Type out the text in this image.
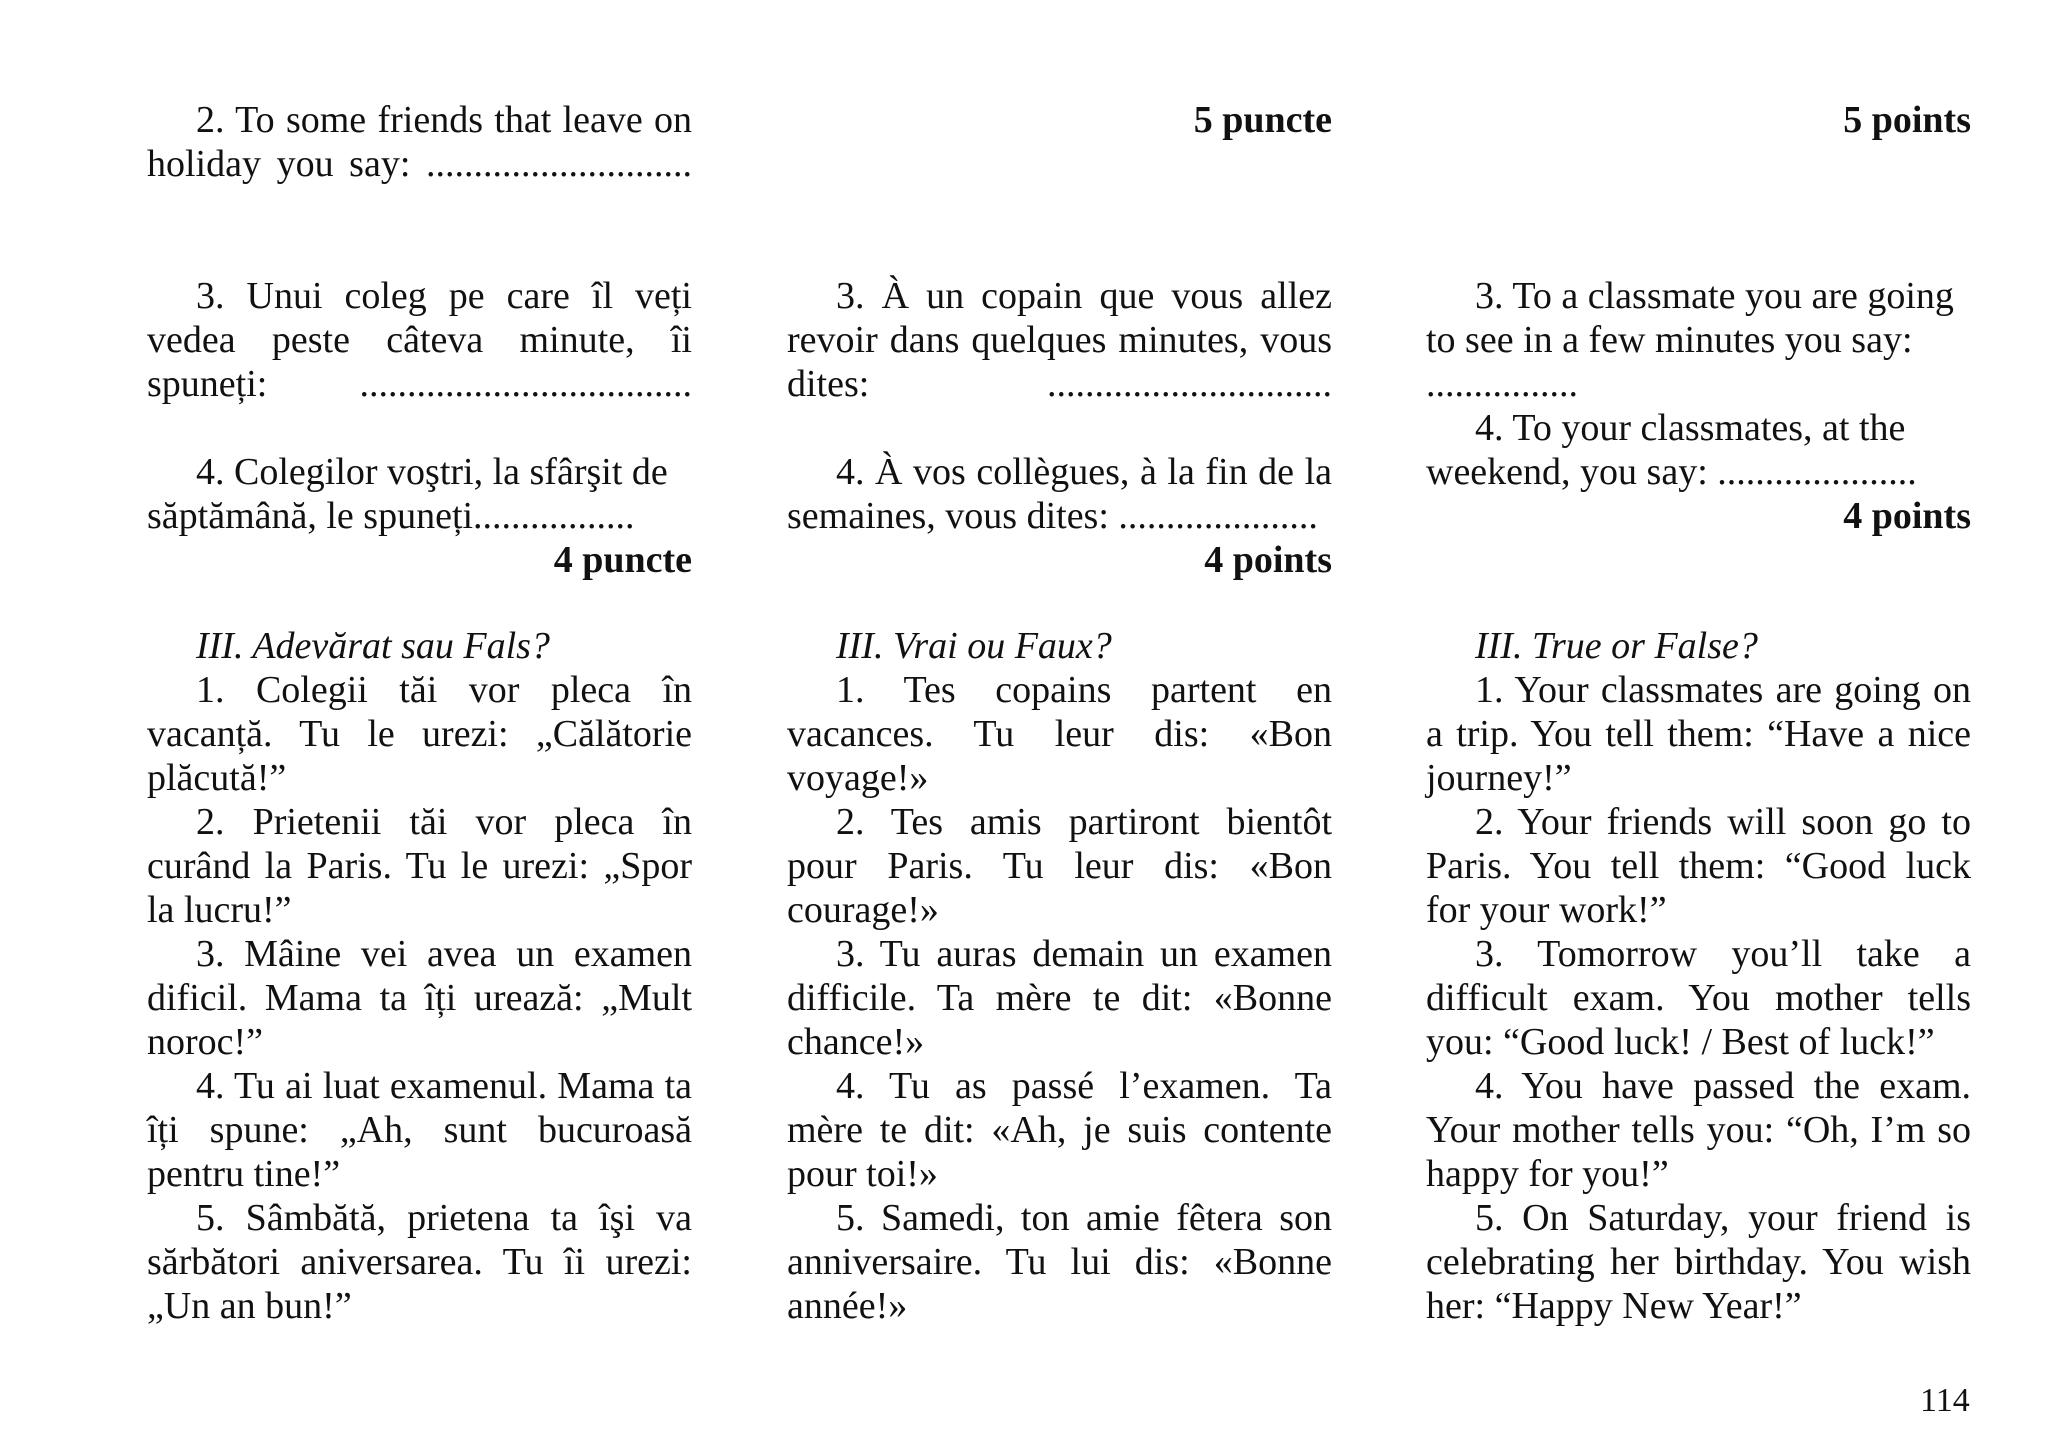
2. To some friends that leave on holiday you say: ............................

3. Unui coleg pe care îl veți vedea peste câteva minute, îi spuneți: ...................................

4. Colegilor voştri, la sfârşit de săptămână, le spuneți.................

4 puncte

III. Adevărat sau Fals?

1. Colegii tăi vor pleca în vacanță. Tu le urezi: „Călătorie plăcută!”

2. Prietenii tăi vor pleca în curând la Paris. Tu le urezi: „Spor la lucru!”

3. Mâine vei avea un examen dificil. Mama ta îți urează: „Mult noroc!”

4. Tu ai luat examenul. Mama ta îți spune: „Ah, sunt bucuroasă pentru tine!”

5. Sâmbătă, prietena ta îşi va sărbători aniversarea. Tu îi urezi: „Un an bun!”

5 puncte

3. À un copain que vous allez revoir dans quelques minutes, vous dites: ..............................

4. À vos collègues, à la fin de la semaines, vous dites: .....................

4 points

III. Vrai ou Faux?

1. Tes copains partent en vacances. Tu leur dis: «Bon voyage!»

2. Tes amis partiront bientôt pour Paris. Tu leur dis: «Bon courage!»

3. Tu auras demain un examen difficile. Ta mère te dit: «Bonne chance!»

4. Tu as passé l’examen. Ta mère te dit: «Ah, je suis contente pour toi!»

5. Samedi, ton amie fêtera son anniversaire. Tu lui dis: «Bonne année!»

5 points

3. To a classmate you are going to see in a few minutes you say: ................

4. To your classmates, at the weekend, you say: .....................

4 points

III. True or False?

1. Your classmates are going on a trip. You tell them: “Have a nice journey!”

2. Your friends will soon go to Paris. You tell them: “Good luck for your work!”

3. Tomorrow you’ll take a difficult exam. You mother tells you: “Good luck! / Best of luck!”

4. You have passed the exam. Your mother tells you: “Oh, I’m so happy for you!”

5. On Saturday, your friend is celebrating her birthday. You wish her: “Happy New Year!”

114
